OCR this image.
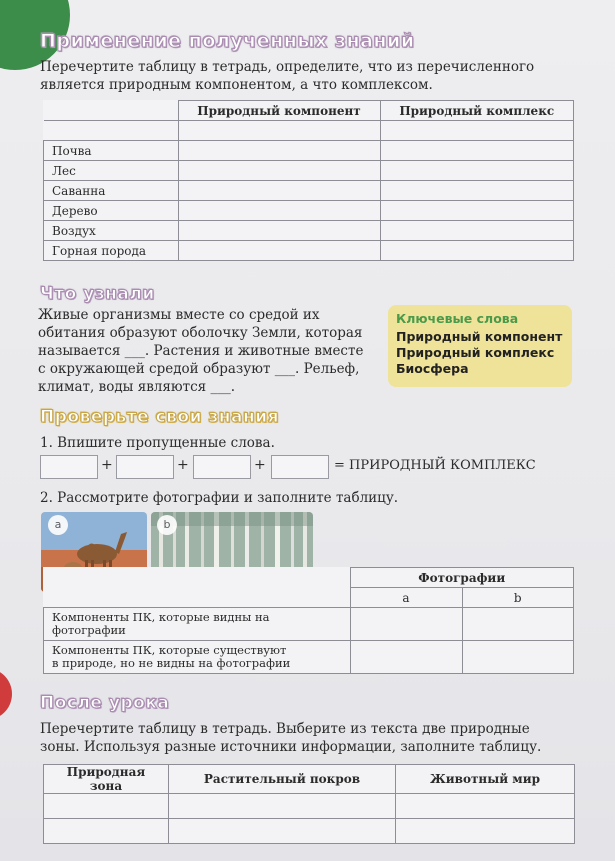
Применение полученных знаний
Перечертите таблицу в тетрадь, определите, что из перечисленного
является природным компонентом, а что комплексом.
	Природный компонент	Природный комплекс

Почва		
Лес		
Саванна		
Дерево		
Воздух		
Горная порода		
Что узнали
Живые организмы вместе со средой их
обитания образуют оболочку Земли, которая
называется ___. Растения и животные вместе
с окружающей средой образуют ___. Рельеф,
климат, воды являются ___.
Ключевые слова
Природный компонент
Природный комплекс
Биосфера
Проверьте свои знания
1. Впишите пропущенные слова.
+	+	+	= ПРИРОДНЫЙ КОМПЛЕКС
2. Рассмотрите фотографии и заполните таблицу.
a	b
	Фотографии	
	a	b

Компоненты ПК, которые видны на
фотографии		

Компоненты ПК, которые существуют
в природе, но не видны на фотографии		

После урока
Перечертите таблицу в тетрадь. Выберите из текста две природные
зоны. Используя разные источники информации, заполните таблицу.
Природная зона	Растительный покров	Животный мир
